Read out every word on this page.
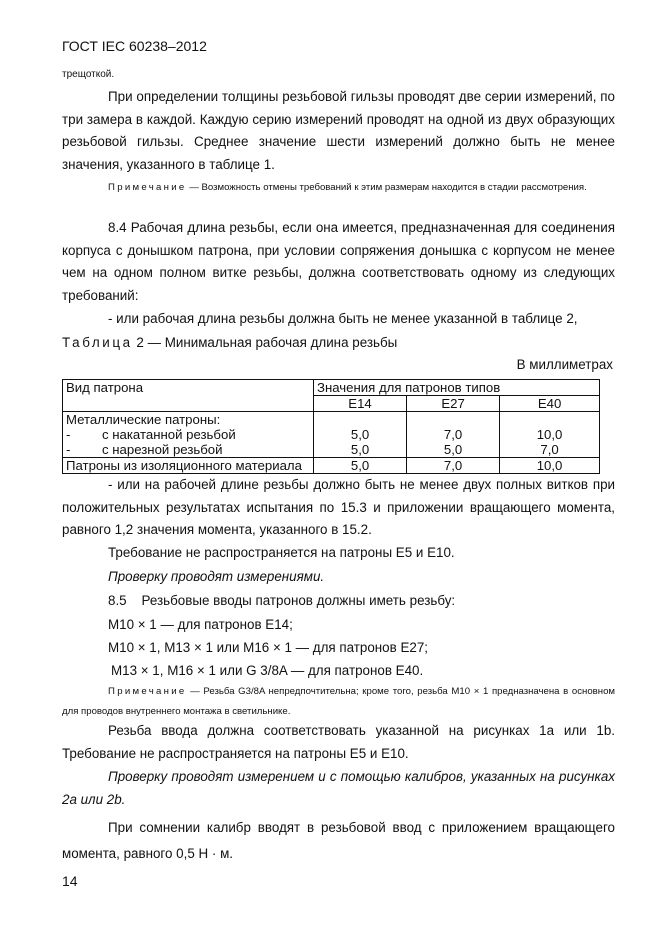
ГОСТ IEC 60238–2012

трещоткой.

При определении толщины резьбовой гильзы проводят две серии измерений, по три замера в каждой. Каждую серию измерений проводят на одной из двух образующих резьбовой гильзы. Среднее значение шести измерений должно быть не менее значения, указанного в таблице 1.

Примечание — Возможность отмены требований к этим размерам находится в стадии рассмотрения.

8.4 Рабочая длина резьбы, если она имеется, предназначенная для соединения корпуса с донышком патрона, при условии сопряжения донышка с корпусом не менее чем на одном полном витке резьбы, должна соответствовать одному из следующих требований:

- или рабочая длина резьбы должна быть не менее указанной в таблице 2,

Таблица 2 — Минимальная рабочая длина резьбы

В миллиметрах

Вид патрона	Значения для патронов типов		
	E14	E27	E40
Металлические патроны:			
- с накатанной резьбой	5,0	7,0	10,0
- с нарезной резьбой	5,0	5,0	7,0
Патроны из изоляционного материала	5,0	7,0	10,0

- или на рабочей длине резьбы должно быть не менее двух полных витков при положительных результатах испытания по 15.3 и приложении вращающего момента, равного 1,2 значения момента, указанного в 15.2.

Требование не распространяется на патроны E5 и E10.

Проверку проводят измерениями.

8.5    Резьбовые вводы патронов должны иметь резьбу:

M10 × 1 — для патронов E14;

M10 × 1, M13 × 1 или M16 × 1 — для патронов E27;

M13 × 1, M16 × 1 или G 3/8A — для патронов E40.

Примечание — Резьба G3/8A непредпочтительна; кроме того, резьба M10 × 1 предназначена в основном для проводов внутреннего монтажа в светильнике.

Резьба ввода должна соответствовать указанной на рисунках 1a или 1b. Требование не распространяется на патроны E5 и E10.

Проверку проводят измерением и с помощью калибров, указанных на рисунках 2a или 2b.

При сомнении калибр вводят в резьбовой ввод с приложением вращающего момента, равного 0,5 Н · м.

14
